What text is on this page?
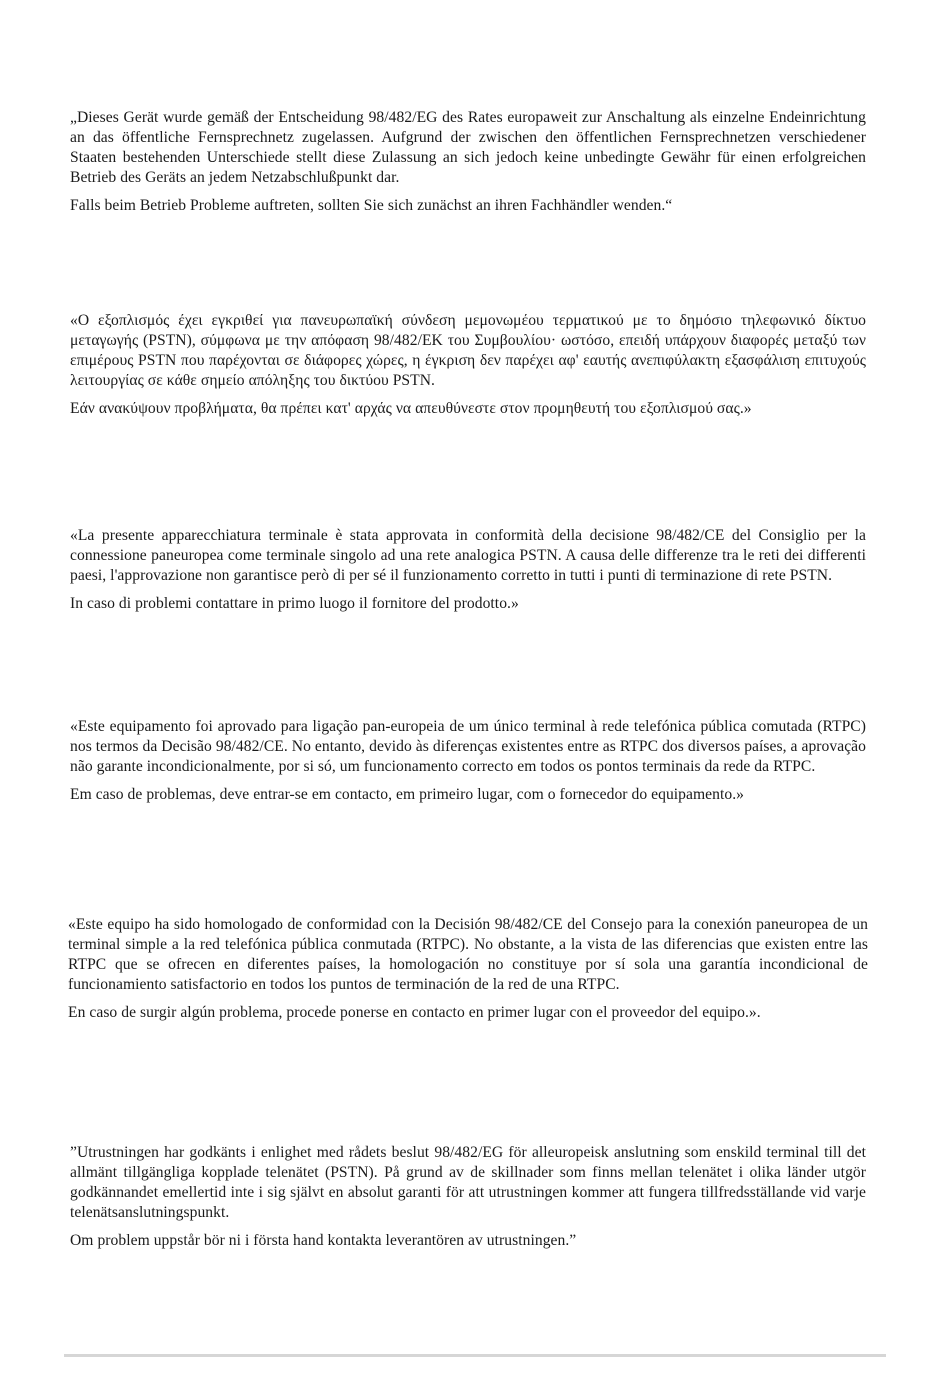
„Dieses Gerät wurde gemäß der Entscheidung 98/482/EG des Rates europaweit zur Anschaltung als einzelne Endeinrichtung an das öffentliche Fernsprechnetz zugelassen. Aufgrund der zwischen den öffentlichen Fernsprechnetzen verschiedener Staaten bestehenden Unterschiede stellt diese Zulassung an sich jedoch keine unbedingte Gewähr für einen erfolgreichen Betrieb des Geräts an jedem Netzabschlußpunkt dar.

Falls beim Betrieb Probleme auftreten, sollten Sie sich zunächst an ihren Fachhändler wenden.“

«Ο εξοπλισμός έχει εγκριθεί για πανευρωπαϊκή σύνδεση μεμονωμέου τερματικού με το δημόσιο τηλεφωνικό δίκτυο μεταγωγής (PSTN), σύμφωνα με την απόφαση 98/482/ΕΚ του Συμβουλίου· ωστόσο, επειδή υπάρχουν διαφορές μεταξύ των επιμέρους PSTN που παρέχονται σε διάφορες χώρες, η έγκριση δεν παρέχει αφ' εαυτής ανεπιφύλακτη εξασφάλιση επιτυχούς λειτουργίας σε κάθε σημείο απόληξης του δικτύου PSTN.

Εάν ανακύψουν προβλήματα, θα πρέπει κατ' αρχάς να απευθύνεστε στον προμηθευτή του εξοπλισμού σας.»

«La presente apparecchiatura terminale è stata approvata in conformità della decisione 98/482/CE del Consiglio per la connessione paneuropea come terminale singolo ad una rete analogica PSTN. A causa delle differenze tra le reti dei differenti paesi, l'approvazione non garantisce però di per sé il funzionamento corretto in tutti i punti di terminazione di rete PSTN.

In caso di problemi contattare in primo luogo il fornitore del prodotto.»

«Este equipamento foi aprovado para ligação pan-europeia de um único terminal à rede telefónica pública comutada (RTPC) nos termos da Decisão 98/482/CE. No entanto, devido às diferenças existentes entre as RTPC dos diversos países, a aprovação não garante incondicionalmente, por si só, um funcionamento correcto em todos os pontos terminais da rede da RTPC.

Em caso de problemas, deve entrar-se em contacto, em primeiro lugar, com o fornecedor do equipamento.»

«Este equipo ha sido homologado de conformidad con la Decisión 98/482/CE del Consejo para la conexión paneuropea de un terminal simple a la red telefónica pública conmutada (RTPC). No obstante, a la vista de las diferencias que existen entre las RTPC que se ofrecen en diferentes países, la homologación no constituye por sí sola una garantía incondicional de funcionamiento satisfactorio en todos los puntos de terminación de la red de una RTPC.

En caso de surgir algún problema, procede ponerse en contacto en primer lugar con el proveedor del equipo.».

”Utrustningen har godkänts i enlighet med rådets beslut 98/482/EG för alleuropeisk anslutning som enskild terminal till det allmänt tillgängliga kopplade telenätet (PSTN). På grund av de skillnader som finns mellan telenätet i olika länder utgör godkännandet emellertid inte i sig självt en absolut garanti för att utrustningen kommer att fungera tillfredsställande vid varje telenätsanslutningspunkt.

Om problem uppstår bör ni i första hand kontakta leverantören av utrustningen.”
